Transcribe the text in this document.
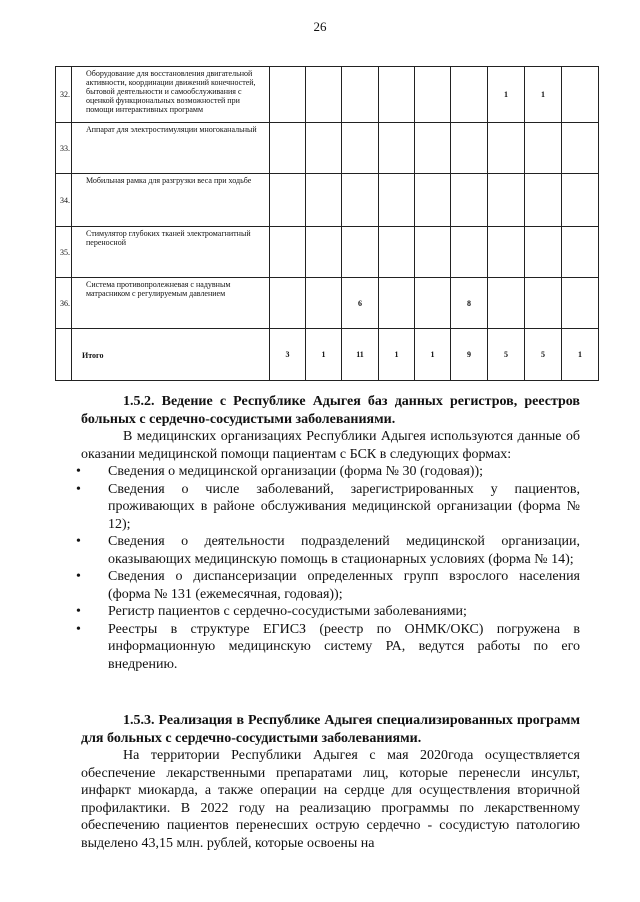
26
32.	Оборудование для восстановления двигательной активности, координации движений конечностей, бытовой деятельности и самообслуживания с оценкой функциональных возможностей при помощи интерактивных программ							1	1	
33.	Аппарат для электростимуляции многоканальный									
34.	Мобильная рамка для разгрузки веса при ходьбе									
35.	Стимулятор глубоких тканей электромагнитный переносной									
36.	Система противопролежневая с надувным матрасником с регулируемым давлением			6			8			
	Итого	3	1	11	1	1	9	5	5	1

1.5.2. Ведение с Республике Адыгея баз данных регистров, реестров больных с сердечно-сосудистыми заболеваниями.

В медицинских организациях Республики Адыгея используются данные об оказании медицинской помощи пациентам с БСК в следующих формах:

• Сведения о медицинской организации (форма № 30 (годовая));
• Сведения о числе заболеваний, зарегистрированных у пациентов, проживающих в районе обслуживания медицинской организации (форма № 12);
• Сведения о деятельности подразделений медицинской организации, оказывающих медицинскую помощь в стационарных условиях (форма № 14);
• Сведения о диспансеризации определенных групп взрослого населения (форма № 131 (ежемесячная, годовая));
• Регистр пациентов с сердечно-сосудистыми заболеваниями;
• Реестры в структуре ЕГИСЗ (реестр по ОНМК/ОКС) погружена в информационную медицинскую систему РА, ведутся работы по его внедрению.

1.5.3. Реализация в Республике Адыгея специализированных программ для больных с сердечно-сосудистыми заболеваниями.

На территории Республики Адыгея с мая 2020года осуществляется обеспечение лекарственными препаратами лиц, которые перенесли инсульт, инфаркт миокарда, а также операции на сердце для осуществления вторичной профилактики. В 2022 году на реализацию программы по лекарственному обеспечению пациентов перенесших острую сердечно - сосудистую патологию выделено 43,15 млн. рублей, которые освоены на
